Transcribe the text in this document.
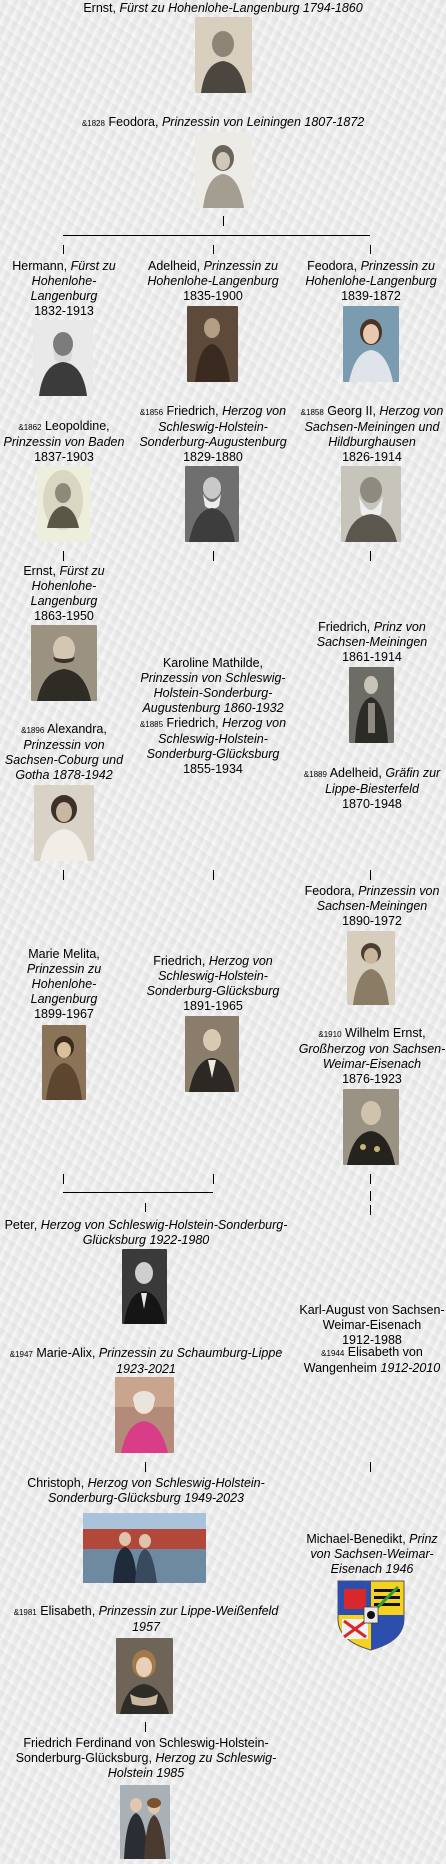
Ernst, Fürst zu Hohenlohe-Langenburg 1794-1860
&1828 Feodora, Prinzessin von Leiningen 1807-1872
Hermann, Fürst zu Hohenlohe-Langenburg
1832-1913
Adelheid, Prinzessin zu Hohenlohe-Langenburg
1835-1900
Feodora, Prinzessin zu Hohenlohe-Langenburg
1839-1872
&1862 Leopoldine,
Prinzessin von Baden
1837-1903
&1856 Friedrich, Herzog von Schleswig-Holstein-Sonderburg-Augustenburg
1829-1880
&1858 Georg II, Herzog von Sachsen-Meiningen und Hildburghausen
1826-1914
Ernst, Fürst zu Hohenlohe-Langenburg
1863-1950
&1896 Alexandra,
Prinzessin von Sachsen-Coburg und Gotha 1878-1942
Karoline Mathilde,
Prinzessin von Schleswig-Holstein-Sonderburg-Augustenburg 1860-1932
&1885 Friedrich, Herzog von Schleswig-Holstein-Sonderburg-Glücksburg
1855-1934
Friedrich, Prinz von Sachsen-Meiningen
1861-1914
&1889 Adelheid, Gräfin zur Lippe-Biesterfeld
1870-1948
Feodora, Prinzessin von Sachsen-Meiningen
1890-1972
Marie Melita,
Prinzessin zu Hohenlohe-Langenburg
1899-1967
Friedrich, Herzog von Schleswig-Holstein-Sonderburg-Glücksburg
1891-1965
&1910 Wilhelm Ernst,
Großherzog von Sachsen-Weimar-Eisenach
1876-1923
Peter, Herzog von Schleswig-Holstein-Sonderburg-Glücksburg 1922-1980
&1947 Marie-Alix, Prinzessin zu Schaumburg-Lippe 1923-2021
Karl-August von Sachsen-Weimar-Eisenach
1912-1988
&1944 Elisabeth von Wangenheim 1912-2010
Christoph, Herzog von Schleswig-Holstein-Sonderburg-Glücksburg 1949-2023
&1981 Elisabeth, Prinzessin zur Lippe-Weißenfeld 1957
Michael-Benedikt, Prinz von Sachsen-Weimar-Eisenach 1946
Friedrich Ferdinand von Schleswig-Holstein-Sonderburg-Glücksburg, Herzog zu Schleswig-Holstein 1985
